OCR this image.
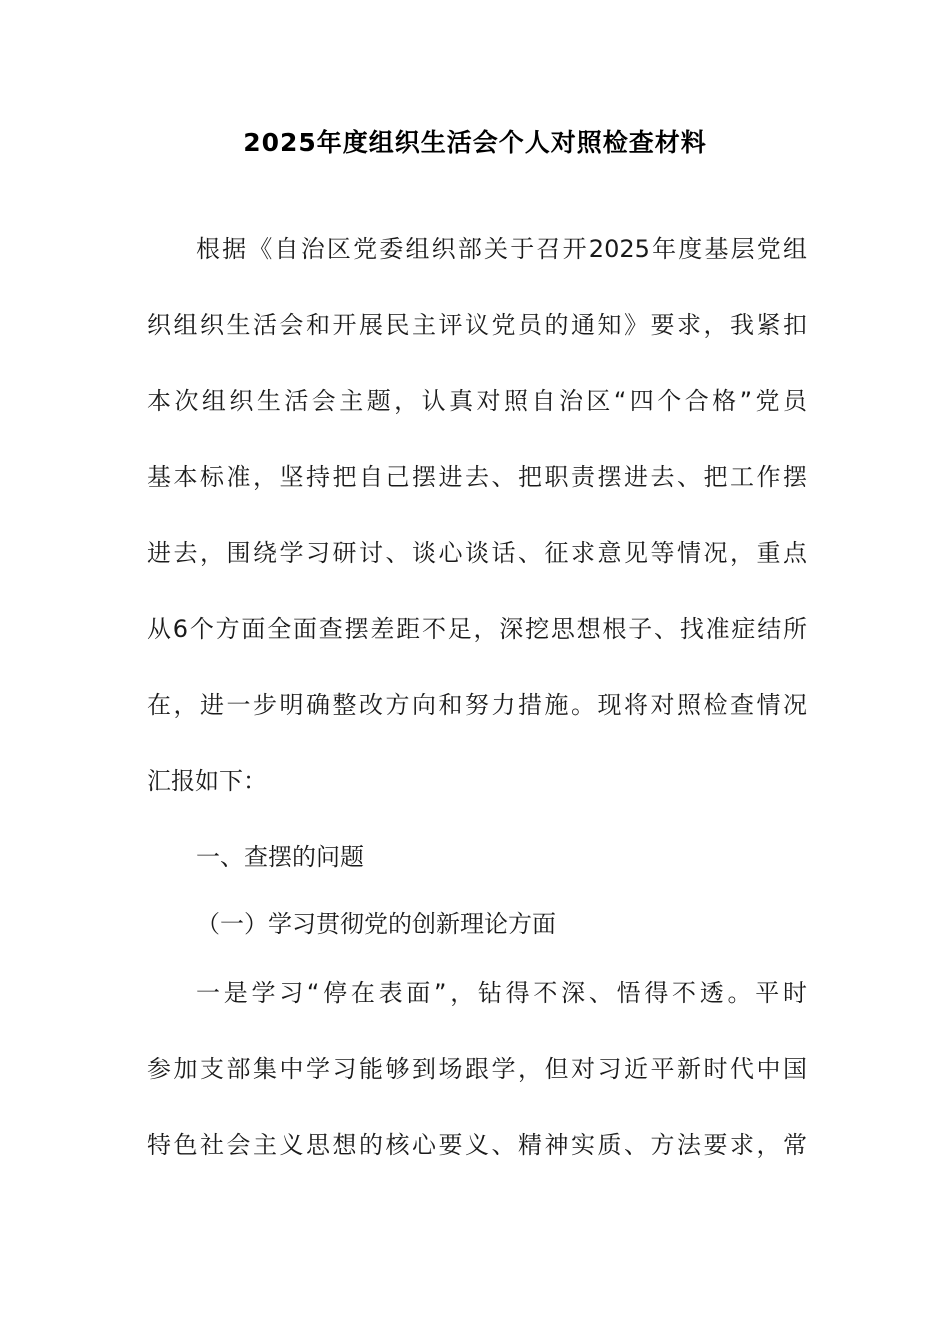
2025年度组织生活会个人对照检查材料
根据《自治区党委组织部关于召开2025年度基层党组
织组织生活会和开展民主评议党员的通知》要求，我紧扣
本次组织生活会主题，认真对照自治区“四个合格”党员
基本标准，坚持把自己摆进去、把职责摆进去、把工作摆
进去，围绕学习研讨、谈心谈话、征求意见等情况，重点
从6个方面全面查摆差距不足，深挖思想根子、找准症结所
在，进一步明确整改方向和努力措施。现将对照检查情况
汇报如下：
一、查摆的问题
（一）学习贯彻党的创新理论方面
一是学习“停在表面”，钻得不深、悟得不透。平时
参加支部集中学习能够到场跟学，但对习近平新时代中国
特色社会主义思想的核心要义、精神实质、方法要求，常
